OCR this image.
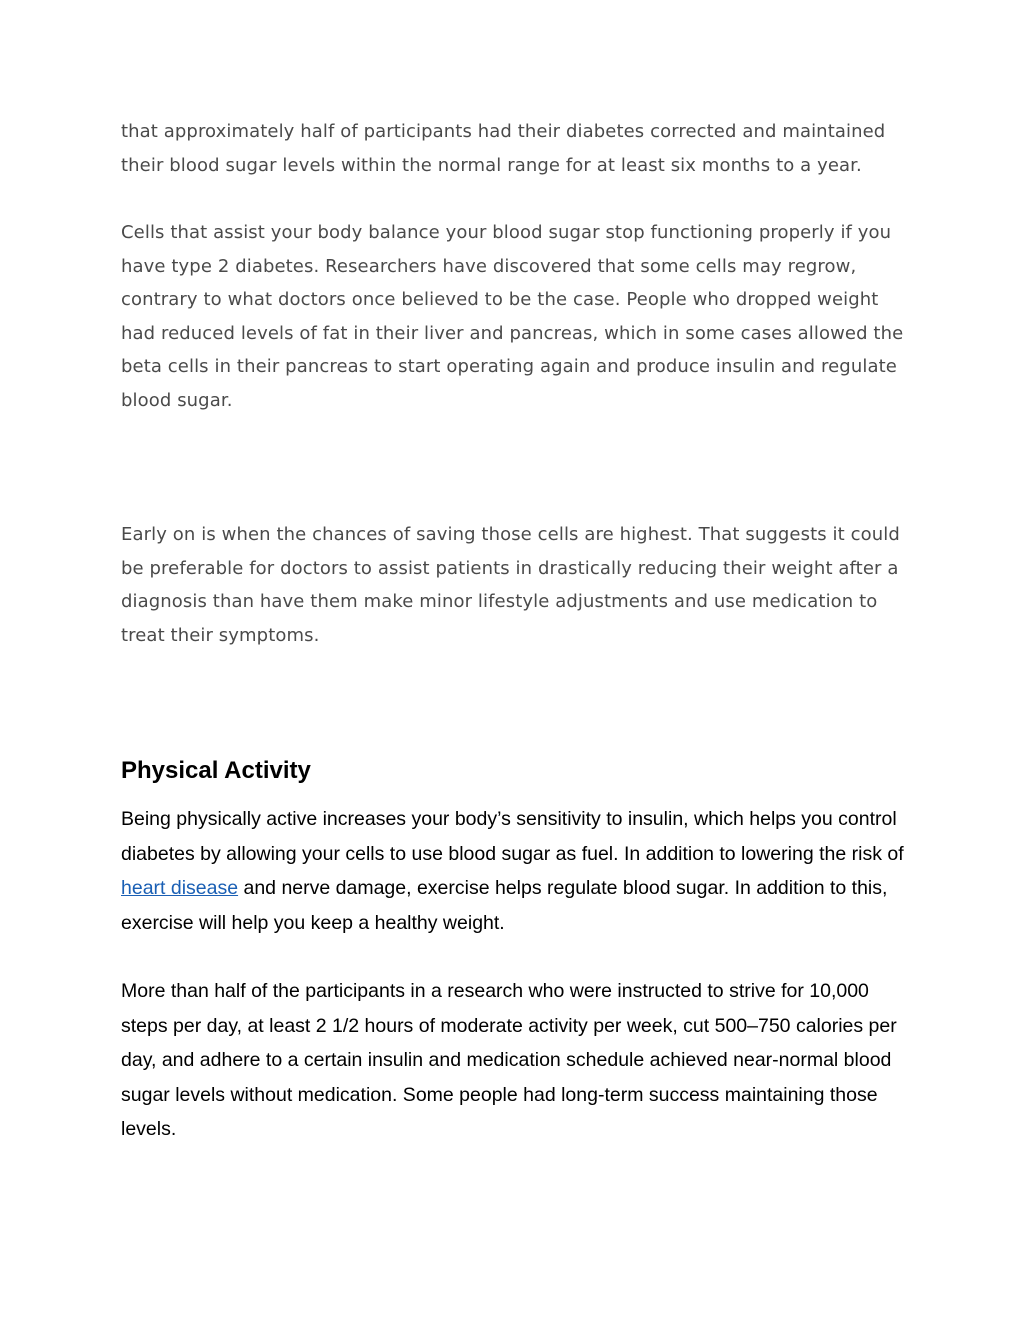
that approximately half of participants had their diabetes corrected and maintained their blood sugar levels within the normal range for at least six months to a year.

Cells that assist your body balance your blood sugar stop functioning properly if you have type 2 diabetes. Researchers have discovered that some cells may regrow, contrary to what doctors once believed to be the case. People who dropped weight had reduced levels of fat in their liver and pancreas, which in some cases allowed the beta cells in their pancreas to start operating again and produce insulin and regulate blood sugar.

Early on is when the chances of saving those cells are highest. That suggests it could be preferable for doctors to assist patients in drastically reducing their weight after a diagnosis than have them make minor lifestyle adjustments and use medication to treat their symptoms.

Physical Activity

Being physically active increases your body’s sensitivity to insulin, which helps you control diabetes by allowing your cells to use blood sugar as fuel. In addition to lowering the risk of heart disease and nerve damage, exercise helps regulate blood sugar. In addition to this, exercise will help you keep a healthy weight.

More than half of the participants in a research who were instructed to strive for 10,000 steps per day, at least 2 1/2 hours of moderate activity per week, cut 500–750 calories per day, and adhere to a certain insulin and medication schedule achieved near-normal blood sugar levels without medication. Some people had long-term success maintaining those levels.
